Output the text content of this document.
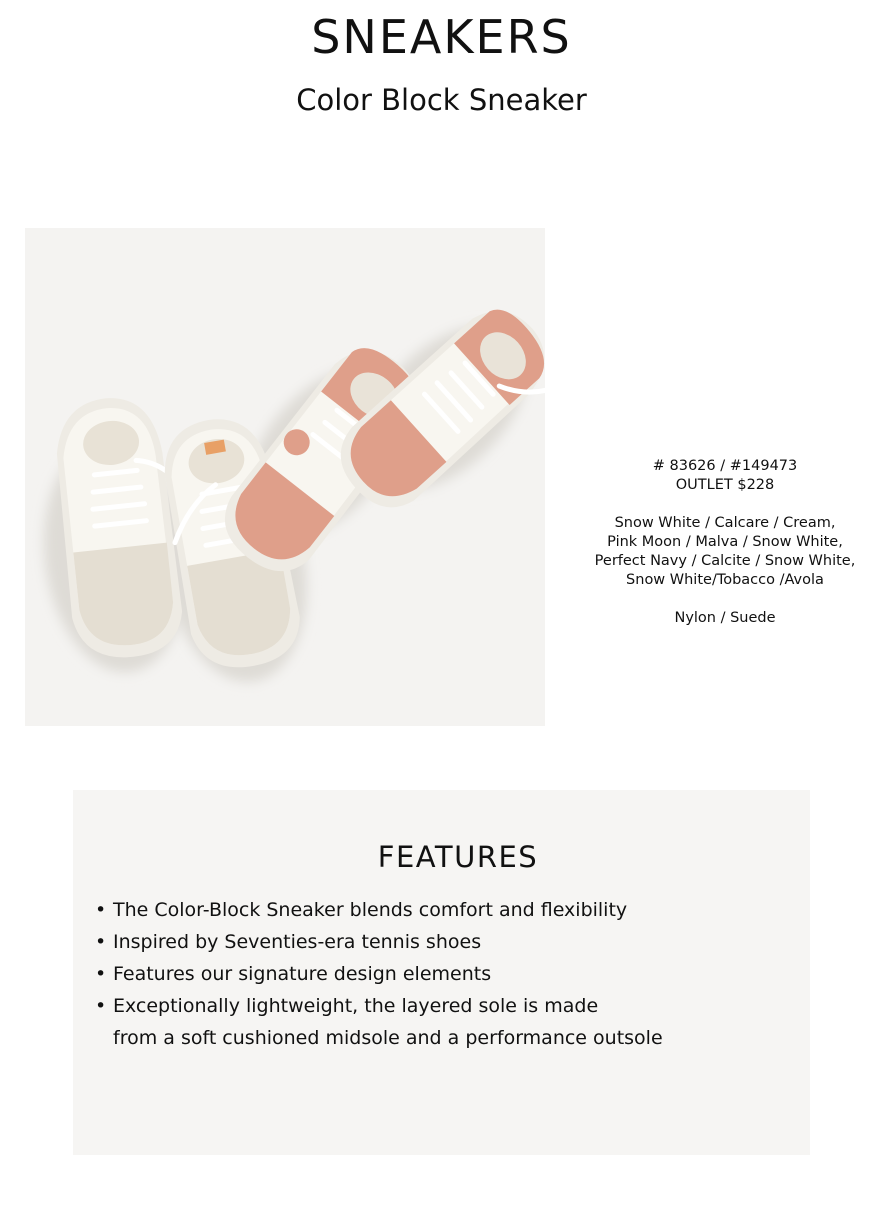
SNEAKERS
Color Block Sneaker
# 83626 / #149473
OUTLET $228
Snow White / Calcare / Cream,
Pink Moon / Malva / Snow White,
Perfect Navy / Calcite / Snow White,
Snow White/Tobacco /Avola
Nylon / Suede
FEATURES
• The Color-Block Sneaker blends comfort and flexibility
• Inspired by Seventies-era tennis shoes
• Features our signature design elements
• Exceptionally lightweight, the layered sole is made
from a soft cushioned midsole and a performance outsole
